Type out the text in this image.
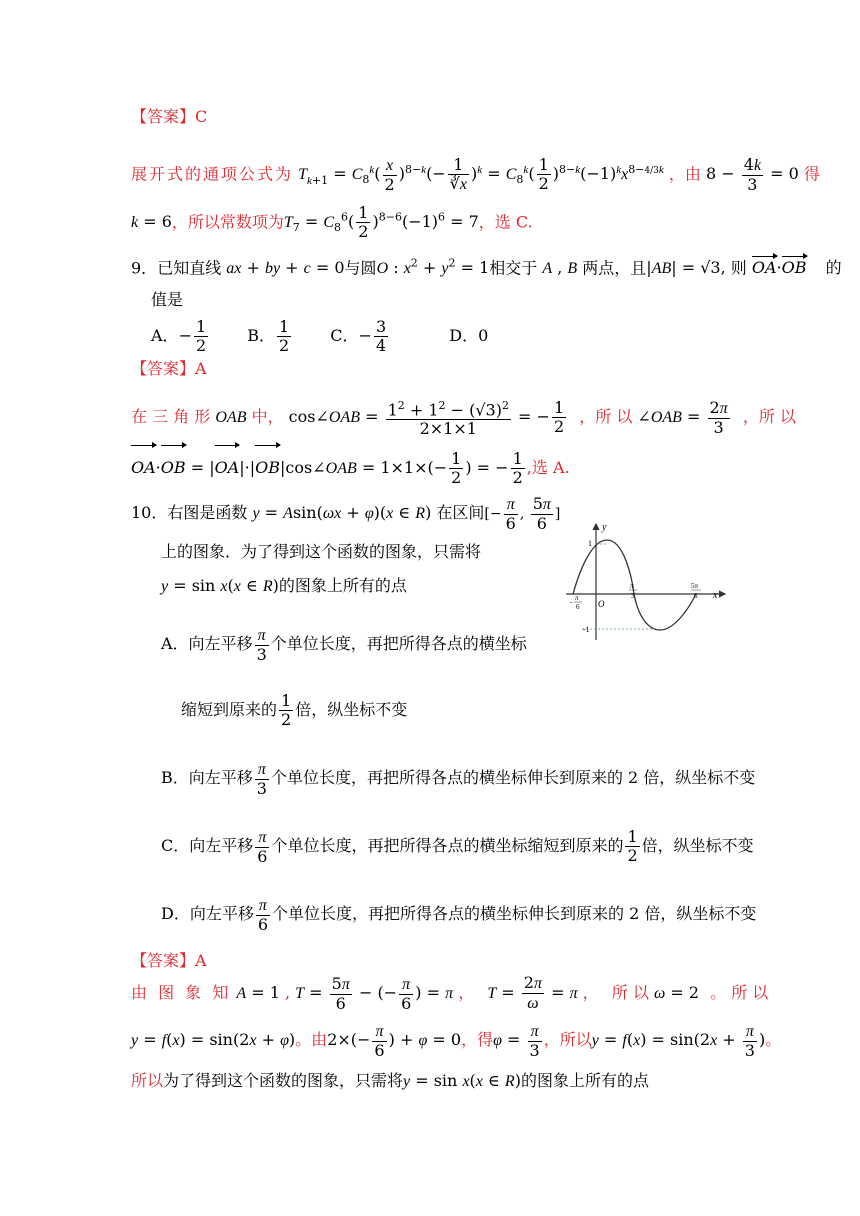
【答案】C
展开式的通项公式为 $T_{k+1} = C_8^k( \frac{x}{2} )^{8-k}(- \frac{1}{∛x} )^k = C_8^k( \frac{1}{2} )^{8-k}(-1)^kx^{8-4/3k}$ ，由 $8 - \frac{4k}{3} = 0$ 得
k = 6，所以常数项为$T_7 = C_8^6( \frac{1}{2} )^{8-6}(-1)^6 = 7$，选 C.
9．已知直线 ax + by + c = 0与圆O : $x^2 + y^2 = 1$相交于 A , B 两点，且|AB| = √3, 则 OA·OB 的
值是
A．− $\frac{1}{2}$ B． $\frac{1}{2}$ C．− $\frac{3}{4}$	D．0
【答案】A
在 三 角 形 OAB 中， cos∠OAB = $\frac{1^2 + 1^2 - (√3)^2}{2\times 1\times 1}$ = − $\frac{1}{2}$ ，所 以 ∠OAB = $\frac{2\pi}{3}$ ，所 以
OA·OB = |OA|·|OB|cos∠OAB = $1\times 1\times(- \frac{1}{2}$ ) = − $\frac{1}{2}$ ,选 A.
10．右图是函数 y = Asin(ωx + φ)(x ∈ R) 在区间[− $\frac{\pi}{6}$ , $\frac{5\pi}{6}$ ]
上的图象．为了得到这个函数的图象，只需将
y = sin x(x ∈ R)的图象上所有的点
y
x
O
1
-1
π
-
6
π
3
5π
6
A．向左平移 $\frac{\pi}{3}$ 个单位长度，再把所得各点的横坐标
缩短到原来的 $\frac{1}{2}$ 倍，纵坐标不变
B．向左平移 $\frac{\pi}{3}$ 个单位长度，再把所得各点的横坐标伸长到原来的 2 倍，纵坐标不变
C．向左平移 $\frac{\pi}{6}$ 个单位长度，再把所得各点的横坐标缩短到原来的 $\frac{1}{2}$ 倍，纵坐标不变
D．向左平移 $\frac{\pi}{6}$ 个单位长度，再把所得各点的横坐标伸长到原来的 2 倍，纵坐标不变
【答案】A
由 图 象 知 A = 1 , $T = \frac{5\pi}{6}$ − (− $\frac{\pi}{6}$ ) = π ， $T = \frac{2\pi}{\omega} = \pi$ ， 所 以 ω = 2 。 所 以
y = f(x) = sin(2x + φ)。由$2\times(- \frac{\pi}{6}$ ) + φ = 0，得$\varphi = \frac{\pi}{3}$ ，所以$y = f(x) = \sin(2x + \frac{\pi}{3}$ )。
所以为了得到这个函数的图象，只需将y = sin x(x ∈ R)的图象上所有的点
